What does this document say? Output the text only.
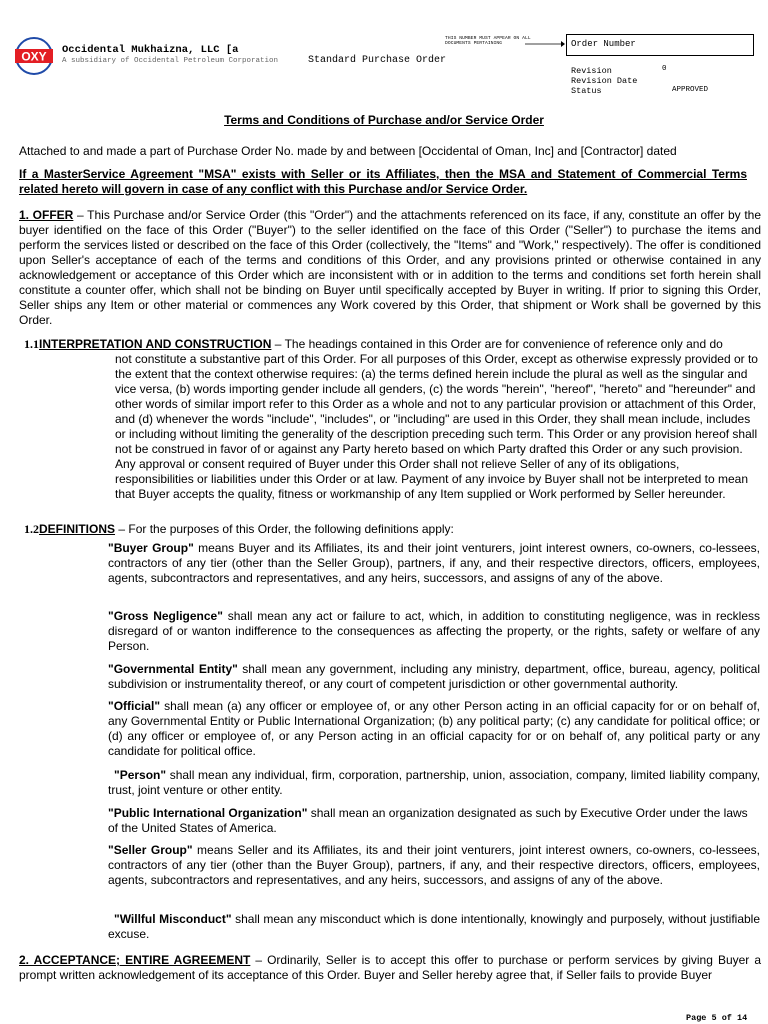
OXY Occidental Mukhaizna, LLC [a
A subsidiary of Occidental Petroleum Corporation	Standard Purchase Order
THIS NUMBER MUST APPEAR ON ALL
DOCUMENTS PERTAINING	Order Number
Revision	0
Revision Date
Status	APPROVED
Terms and Conditions of Purchase and/or Service Order
Attached to and made a part of Purchase Order No. made by and between [Occidental of Oman, Inc] and [Contractor] dated
If a MasterService Agreement "MSA" exists with Seller or its Affiliates, then the MSA and Statement of Commercial Terms related hereto will govern in case of any conflict with this Purchase and/or Service Order.
1. OFFER – This Purchase and/or Service Order (this "Order") and the attachments referenced on its face, if any, constitute an offer by the buyer identified on the face of this Order ("Buyer") to the seller identified on the face of this Order ("Seller") to purchase the items and perform the services listed or described on the face of this Order (collectively, the "Items" and "Work," respectively). The offer is conditioned upon Seller's acceptance of each of the terms and conditions of this Order, and any provisions printed or otherwise contained in any acknowledgement or acceptance of this Order which are inconsistent with or in addition to the terms and conditions set forth herein shall constitute a counter offer, which shall not be binding on Buyer until specifically accepted by Buyer in writing. If prior to signing this Order, Seller ships any Item or other material or commences any Work covered by this Order, that shipment or Work shall be governed by this Order.
1.1INTERPRETATION AND CONSTRUCTION – The headings contained in this Order are for convenience of reference only and do
not constitute a substantive part of this Order. For all purposes of this Order, except as otherwise expressly provided or to the extent that the context otherwise requires: (a) the terms defined herein include the plural as well as the singular and vice versa, (b) words importing gender include all genders, (c) the words "herein", "hereof", "hereto" and "hereunder" and other words of similar import refer to this Order as a whole and not to any particular provision or attachment of this Order, and (d) whenever the words "include", "includes", or "including" are used in this Order, they shall mean include, includes or including without limiting the generality of the description preceding such term. This Order or any provision hereof shall not be construed in favor of or against any Party hereto based on which Party drafted this Order or any such provision. Any approval or consent required of Buyer under this Order shall not relieve Seller of any of its obligations, responsibilities or liabilities under this Order or at law. Payment of any invoice by Buyer shall not be interpreted to mean that Buyer accepts the quality, fitness or workmanship of any Item supplied or Work performed by Seller hereunder.
1.2DEFINITIONS – For the purposes of this Order, the following definitions apply:
"Buyer Group" means Buyer and its Affiliates, its and their joint venturers, joint interest owners, co-owners, co-lessees, contractors of any tier (other than the Seller Group), partners, if any, and their respective directors, officers, employees, agents, subcontractors and representatives, and any heirs, successors, and assigns of any of the above.
"Gross Negligence" shall mean any act or failure to act, which, in addition to constituting negligence, was in reckless disregard of or wanton indifference to the consequences as affecting the property, or the rights, safety or welfare of any Person.
"Governmental Entity" shall mean any government, including any ministry, department, office, bureau, agency, political subdivision or instrumentality thereof, or any court of competent jurisdiction or other governmental authority.
"Official" shall mean (a) any officer or employee of, or any other Person acting in an official capacity for or on behalf of, any Governmental Entity or Public International Organization; (b) any political party; (c) any candidate for political office; or (d) any officer or employee of, or any Person acting in an official capacity for or on behalf of, any political party or any candidate for political office.
"Person" shall mean any individual, firm, corporation, partnership, union, association, company, limited liability company, trust, joint venture or other entity.
"Public International Organization" shall mean an organization designated as such by Executive Order under the laws of the United States of America.
"Seller Group" means Seller and its Affiliates, its and their joint venturers, joint interest owners, co-owners, co-lessees, contractors of any tier (other than the Buyer Group), partners, if any, and their respective directors, officers, employees, agents, subcontractors and representatives, and any heirs, successors, and assigns of any of the above.
"Willful Misconduct" shall mean any misconduct which is done intentionally, knowingly and purposely, without justifiable excuse.
2. ACCEPTANCE; ENTIRE AGREEMENT – Ordinarily, Seller is to accept this offer to purchase or perform services by giving Buyer a prompt written acknowledgement of its acceptance of this Order. Buyer and Seller hereby agree that, if Seller fails to provide Buyer
Page 5 of 14
